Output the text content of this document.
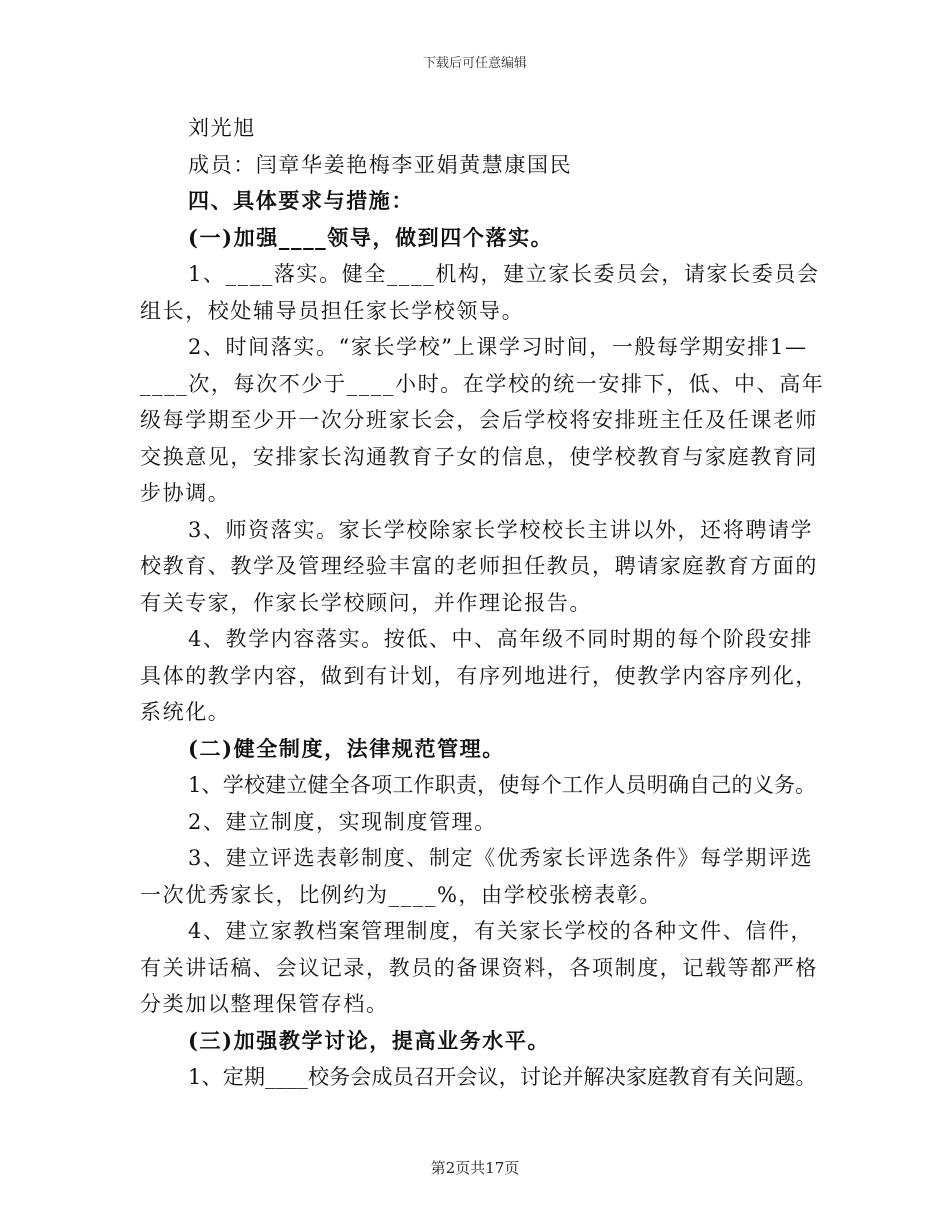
下载后可任意编辑

刘光旭

成员：闫章华姜艳梅李亚娟黄慧康国民

四、具体要求与措施：

(一)加强____领导，做到四个落实。

1、____落实。健全____机构，建立家长委员会，请家长委员会组长，校处辅导员担任家长学校领导。

2、时间落实。“家长学校”上课学习时间，一般每学期安排1—____次，每次不少于____小时。在学校的统一安排下，低、中、高年级每学期至少开一次分班家长会，会后学校将安排班主任及任课老师交换意见，安排家长沟通教育子女的信息，使学校教育与家庭教育同步协调。

3、师资落实。家长学校除家长学校校长主讲以外，还将聘请学校教育、教学及管理经验丰富的老师担任教员，聘请家庭教育方面的有关专家，作家长学校顾问，并作理论报告。

4、教学内容落实。按低、中、高年级不同时期的每个阶段安排具体的教学内容，做到有计划，有序列地进行，使教学内容序列化，系统化。

(二)健全制度，法律规范管理。

1、学校建立健全各项工作职责，使每个工作人员明确自己的义务。

2、建立制度，实现制度管理。

3、建立评选表彰制度、制定《优秀家长评选条件》每学期评选一次优秀家长，比例约为____%，由学校张榜表彰。

4、建立家教档案管理制度，有关家长学校的各种文件、信件，有关讲话稿、会议记录，教员的备课资料，各项制度，记载等都严格分类加以整理保管存档。

(三)加强教学讨论，提高业务水平。

1、定期____校务会成员召开会议，讨论并解决家庭教育有关问题。

第2页共17页
